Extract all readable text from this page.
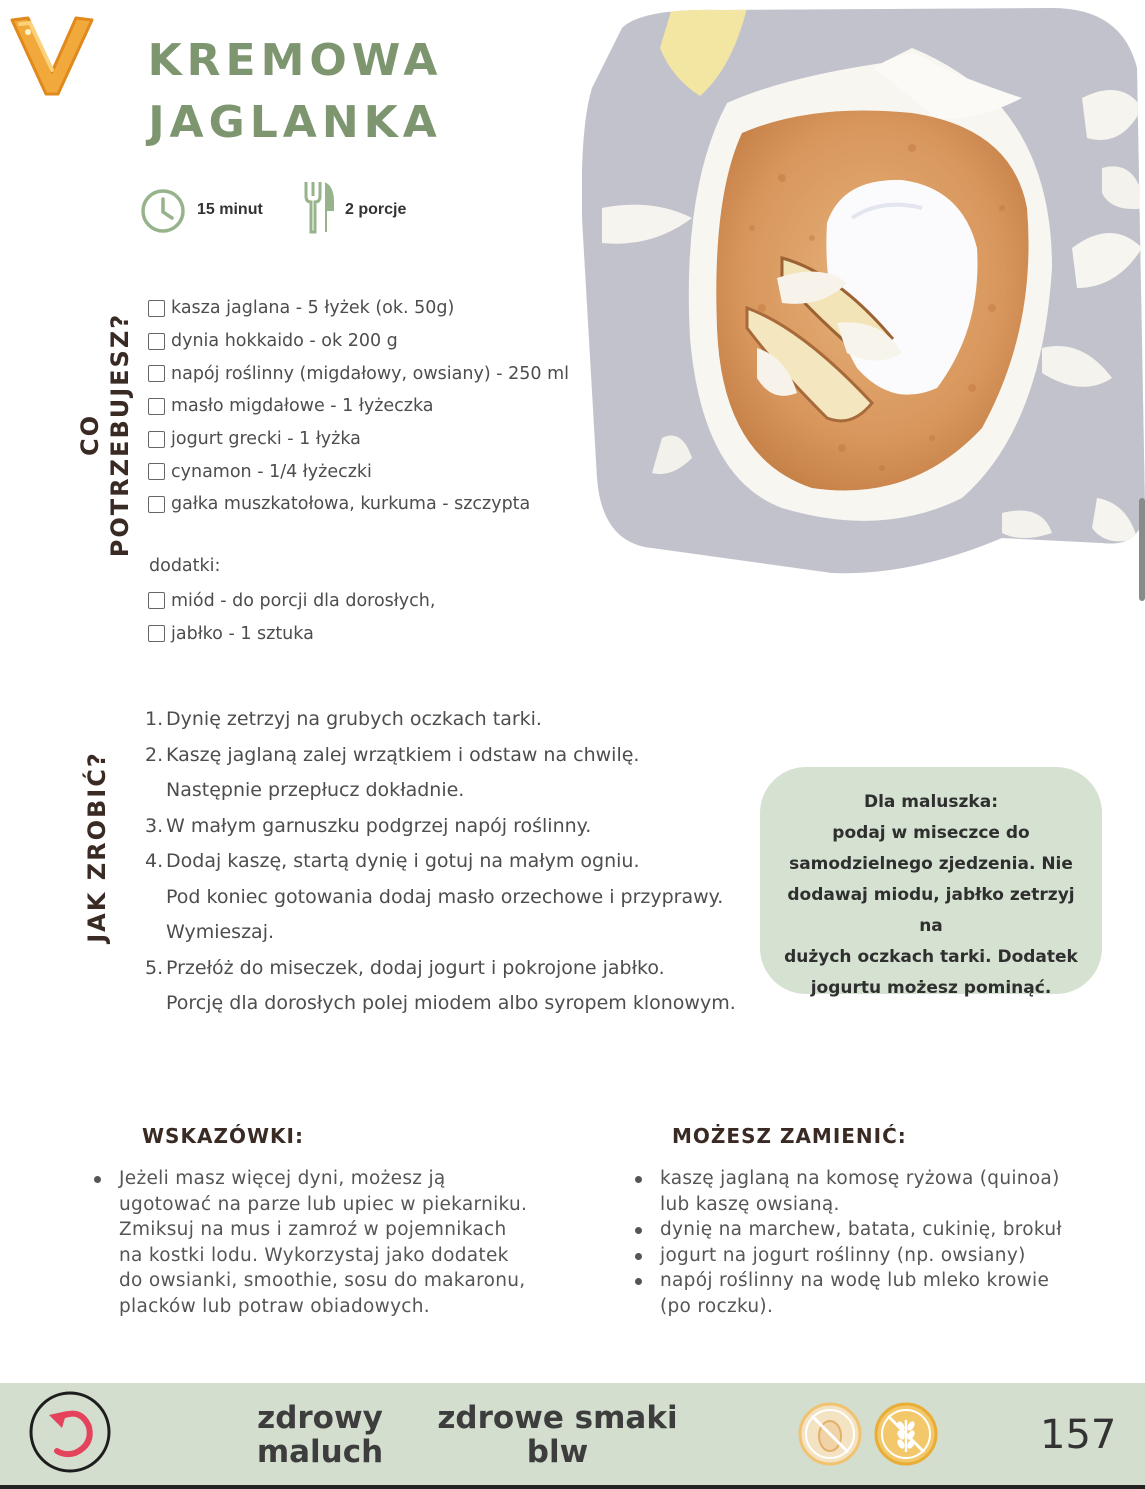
KREMOWA
JAGLANKA
15 minut	2 porcje
CO POTRZEBUJESZ?
JAK ZROBIĆ?
kasza jaglana - 5 łyżek (ok. 50g)
dynia hokkaido - ok 200 g
napój roślinny (migdałowy, owsiany) - 250 ml
masło migdałowe - 1 łyżeczka
jogurt grecki - 1 łyżka
cynamon - 1/4 łyżeczki
gałka muszkatołowa, kurkuma - szczypta
dodatki:
miód - do porcji dla dorosłych,
jabłko - 1 sztuka
1. Dynię zetrzyj na grubych oczkach tarki.
2. Kaszę jaglaną zalej wrzątkiem i odstaw na chwilę.
Następnie przepłucz dokładnie.
3. W małym garnuszku podgrzej napój roślinny.
4. Dodaj kaszę, startą dynię i gotuj na małym ogniu.
Pod koniec gotowania dodaj masło orzechowe i przyprawy.
Wymieszaj.
5. Przełóż do miseczek, dodaj jogurt i pokrojone jabłko.
Porcję dla dorosłych polej miodem albo syropem klonowym.
Dla maluszka:
podaj w miseczce do
samodzielnego zjedzenia. Nie
dodawaj miodu, jabłko zetrzyj na
dużych oczkach tarki. Dodatek
jogurtu możesz pominąć.
WSKAZÓWKI:
Jeżeli masz więcej dyni, możesz ją
ugotować na parze lub upiec w piekarniku.
Zmiksuj na mus i zamroź w pojemnikach
na kostki lodu. Wykorzystaj jako dodatek
do owsianki, smoothie, sosu do makaronu,
placków lub potraw obiadowych.
MOŻESZ ZAMIENIĆ:
kaszę jaglaną na komosę ryżowa (quinoa)
lub kaszę owsianą.
dynię na marchew, batata, cukinię, brokuł
jogurt na jogurt roślinny (np. owsiany)
napój roślinny na wodę lub mleko krowie
(po roczku).
zdrowy
maluch
zdrowe smaki
blw	157
